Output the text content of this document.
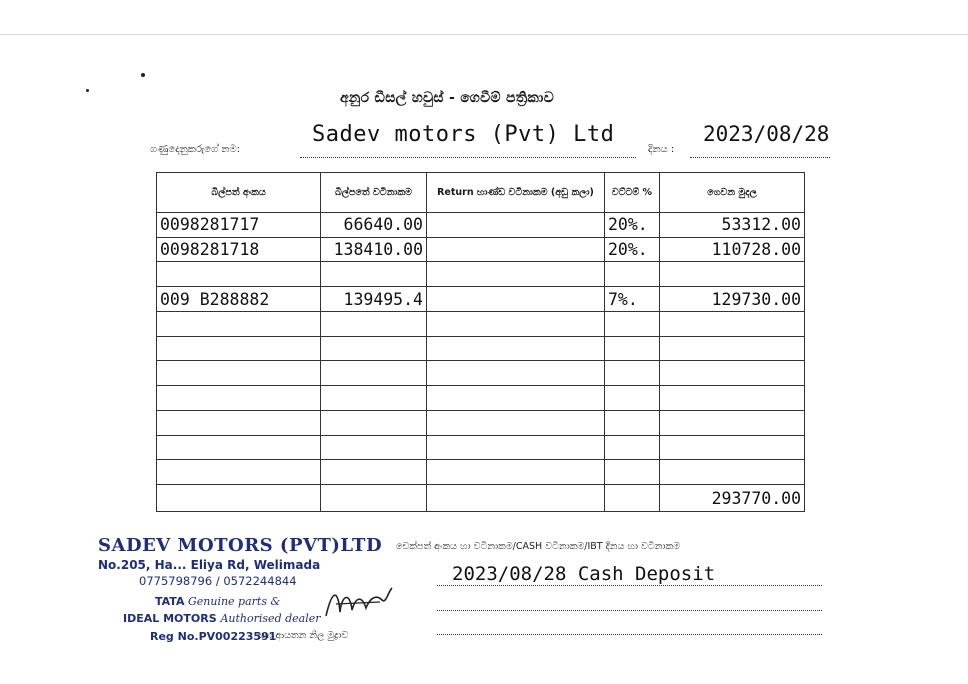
අනුර ඩීසල් හවුස් - ගෙවීම් පත්‍රිකාව
ගණුදෙනුකරුගේ නම:
Sadev motors (Pvt) Ltd
දිනය :
2023/08/28
බිල්පත් අංකය	බිල්පතේ වටිනාකම	Return භාණ්ඩ වටිනාකම (අඩු කලා)	වට්ටම් %	ගෙවන මුදල
0098281717	66640.00		20%.	53312.00
0098281718	138410.00		20%.	110728.00

009 B288882	139495.4		7%.	129730.00

				293770.00
SADEV MOTORS (PVT)LTD
No.205, Ha... Eliya Rd, Welimada
0775798796 / 0572244844
TATA Genuine parts &
IDEAL MOTORS Authorised dealer
Reg No.PV00223591
සහ ආයතන නිල මුද්‍රාව
චෙක්පත් අංකය හා වටිනාකම/CASH වටිනාකම/IBT දිනය හා වටිනාකම
2023/08/28 Cash Deposit
